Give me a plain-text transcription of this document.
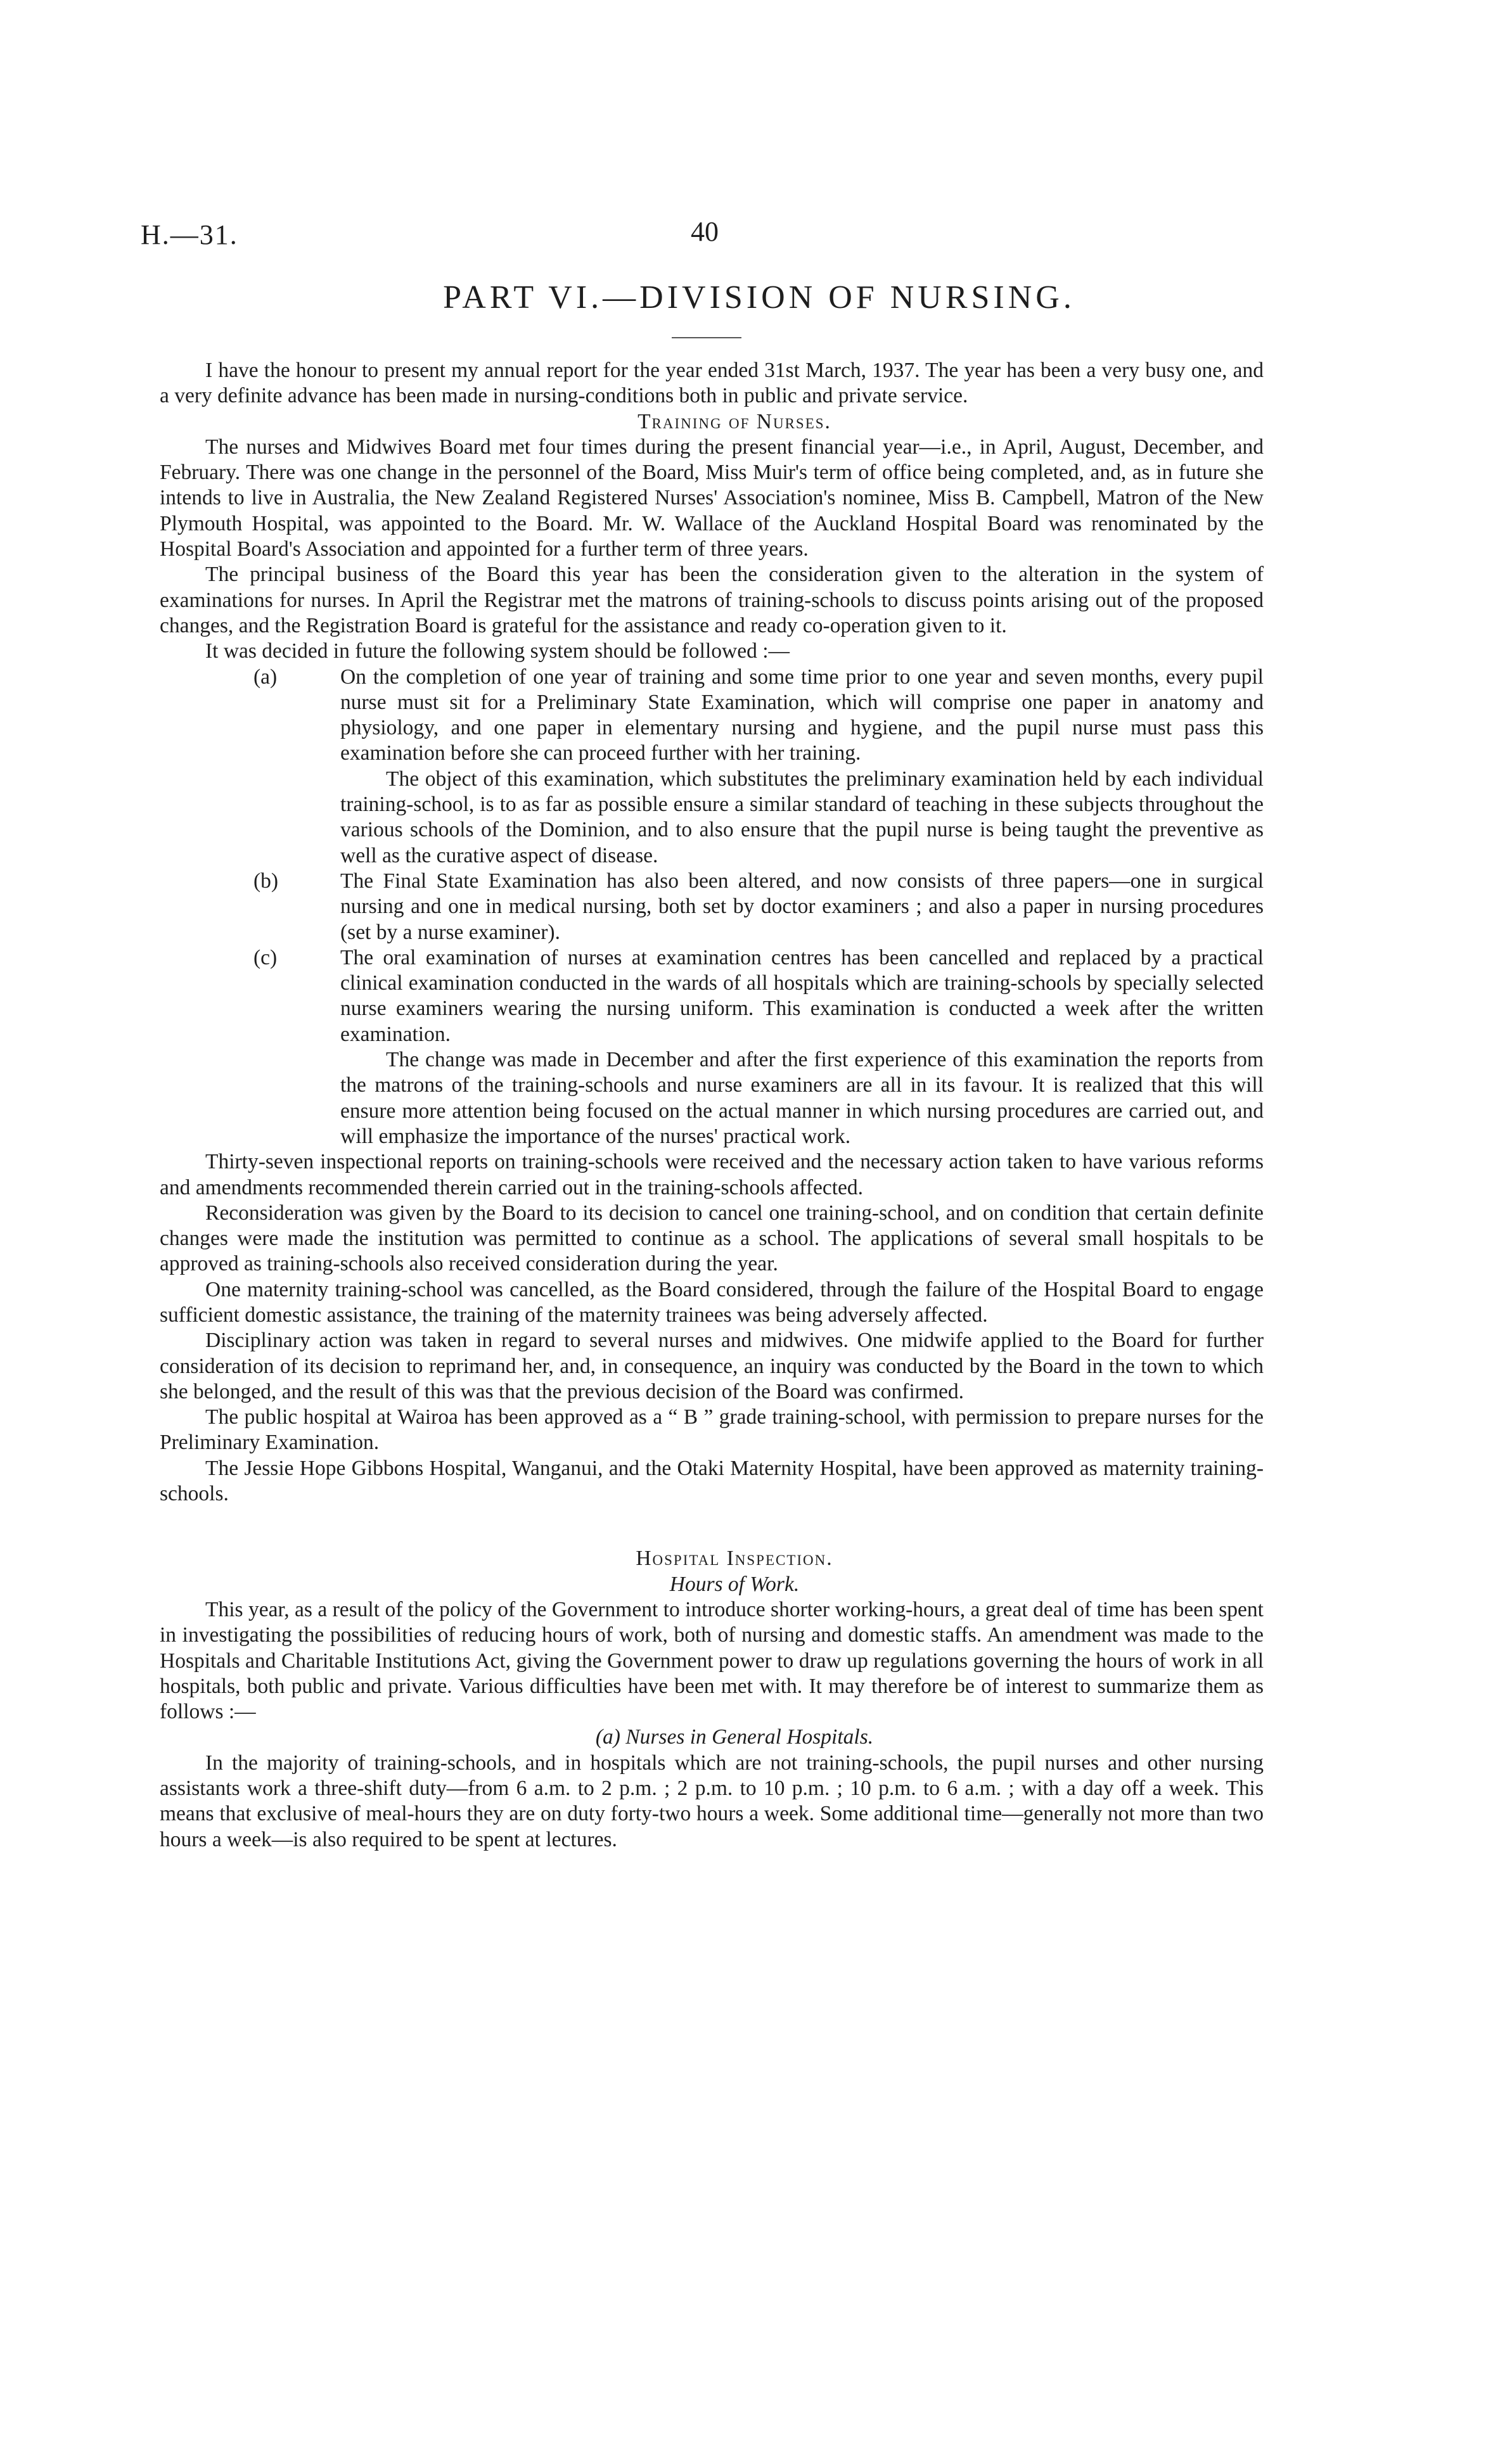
H.—31.	40
PART VI.—DIVISION OF NURSING.

I have the honour to present my annual report for the year ended 31st March, 1937. The year has been a very busy one, and a very definite advance has been made in nursing-conditions both in public and private service.

Training of Nurses.

The nurses and Midwives Board met four times during the present financial year—i.e., in April, August, December, and February. There was one change in the personnel of the Board, Miss Muir's term of office being completed, and, as in future she intends to live in Australia, the New Zealand Registered Nurses' Association's nominee, Miss B. Campbell, Matron of the New Plymouth Hospital, was appointed to the Board. Mr. W. Wallace of the Auckland Hospital Board was renominated by the Hospital Board's Association and appointed for a further term of three years.

The principal business of the Board this year has been the consideration given to the alteration in the system of examinations for nurses. In April the Registrar met the matrons of training-schools to discuss points arising out of the proposed changes, and the Registration Board is grateful for the assistance and ready co-operation given to it.

It was decided in future the following system should be followed :—

(a)	On the completion of one year of training and some time prior to one year and seven months, every pupil nurse must sit for a Preliminary State Examination, which will comprise one paper in anatomy and physiology, and one paper in elementary nursing and hygiene, and the pupil nurse must pass this examination before she can proceed further with her training.

The object of this examination, which substitutes the preliminary examination held by each individual training-school, is to as far as possible ensure a similar standard of teaching in these subjects throughout the various schools of the Dominion, and to also ensure that the pupil nurse is being taught the preventive as well as the curative aspect of disease.

(b)	The Final State Examination has also been altered, and now consists of three papers—one in surgical nursing and one in medical nursing, both set by doctor examiners ; and also a paper in nursing procedures (set by a nurse examiner).

(c)	The oral examination of nurses at examination centres has been cancelled and replaced by a practical clinical examination conducted in the wards of all hospitals which are training-schools by specially selected nurse examiners wearing the nursing uniform. This examination is conducted a week after the written examination.

The change was made in December and after the first experience of this examination the reports from the matrons of the training-schools and nurse examiners are all in its favour. It is realized that this will ensure more attention being focused on the actual manner in which nursing procedures are carried out, and will emphasize the importance of the nurses' practical work.

Thirty-seven inspectional reports on training-schools were received and the necessary action taken to have various reforms and amendments recommended therein carried out in the training-schools affected.

Reconsideration was given by the Board to its decision to cancel one training-school, and on condition that certain definite changes were made the institution was permitted to continue as a school. The applications of several small hospitals to be approved as training-schools also received consideration during the year.

One maternity training-school was cancelled, as the Board considered, through the failure of the Hospital Board to engage sufficient domestic assistance, the training of the maternity trainees was being adversely affected.

Disciplinary action was taken in regard to several nurses and midwives. One midwife applied to the Board for further consideration of its decision to reprimand her, and, in consequence, an inquiry was conducted by the Board in the town to which she belonged, and the result of this was that the previous decision of the Board was confirmed.

The public hospital at Wairoa has been approved as a “ B ” grade training-school, with permission to prepare nurses for the Preliminary Examination.

The Jessie Hope Gibbons Hospital, Wanganui, and the Otaki Maternity Hospital, have been approved as maternity training-schools.

Hospital Inspection.

Hours of Work.

This year, as a result of the policy of the Government to introduce shorter working-hours, a great deal of time has been spent in investigating the possibilities of reducing hours of work, both of nursing and domestic staffs. An amendment was made to the Hospitals and Charitable Institutions Act, giving the Government power to draw up regulations governing the hours of work in all hospitals, both public and private. Various difficulties have been met with. It may therefore be of interest to summarize them as follows :—

(a) Nurses in General Hospitals.

In the majority of training-schools, and in hospitals which are not training-schools, the pupil nurses and other nursing assistants work a three-shift duty—from 6 a.m. to 2 p.m. ; 2 p.m. to 10 p.m. ; 10 p.m. to 6 a.m. ; with a day off a week. This means that exclusive of meal-hours they are on duty forty-two hours a week. Some additional time—generally not more than two hours a week—is also required to be spent at lectures.
